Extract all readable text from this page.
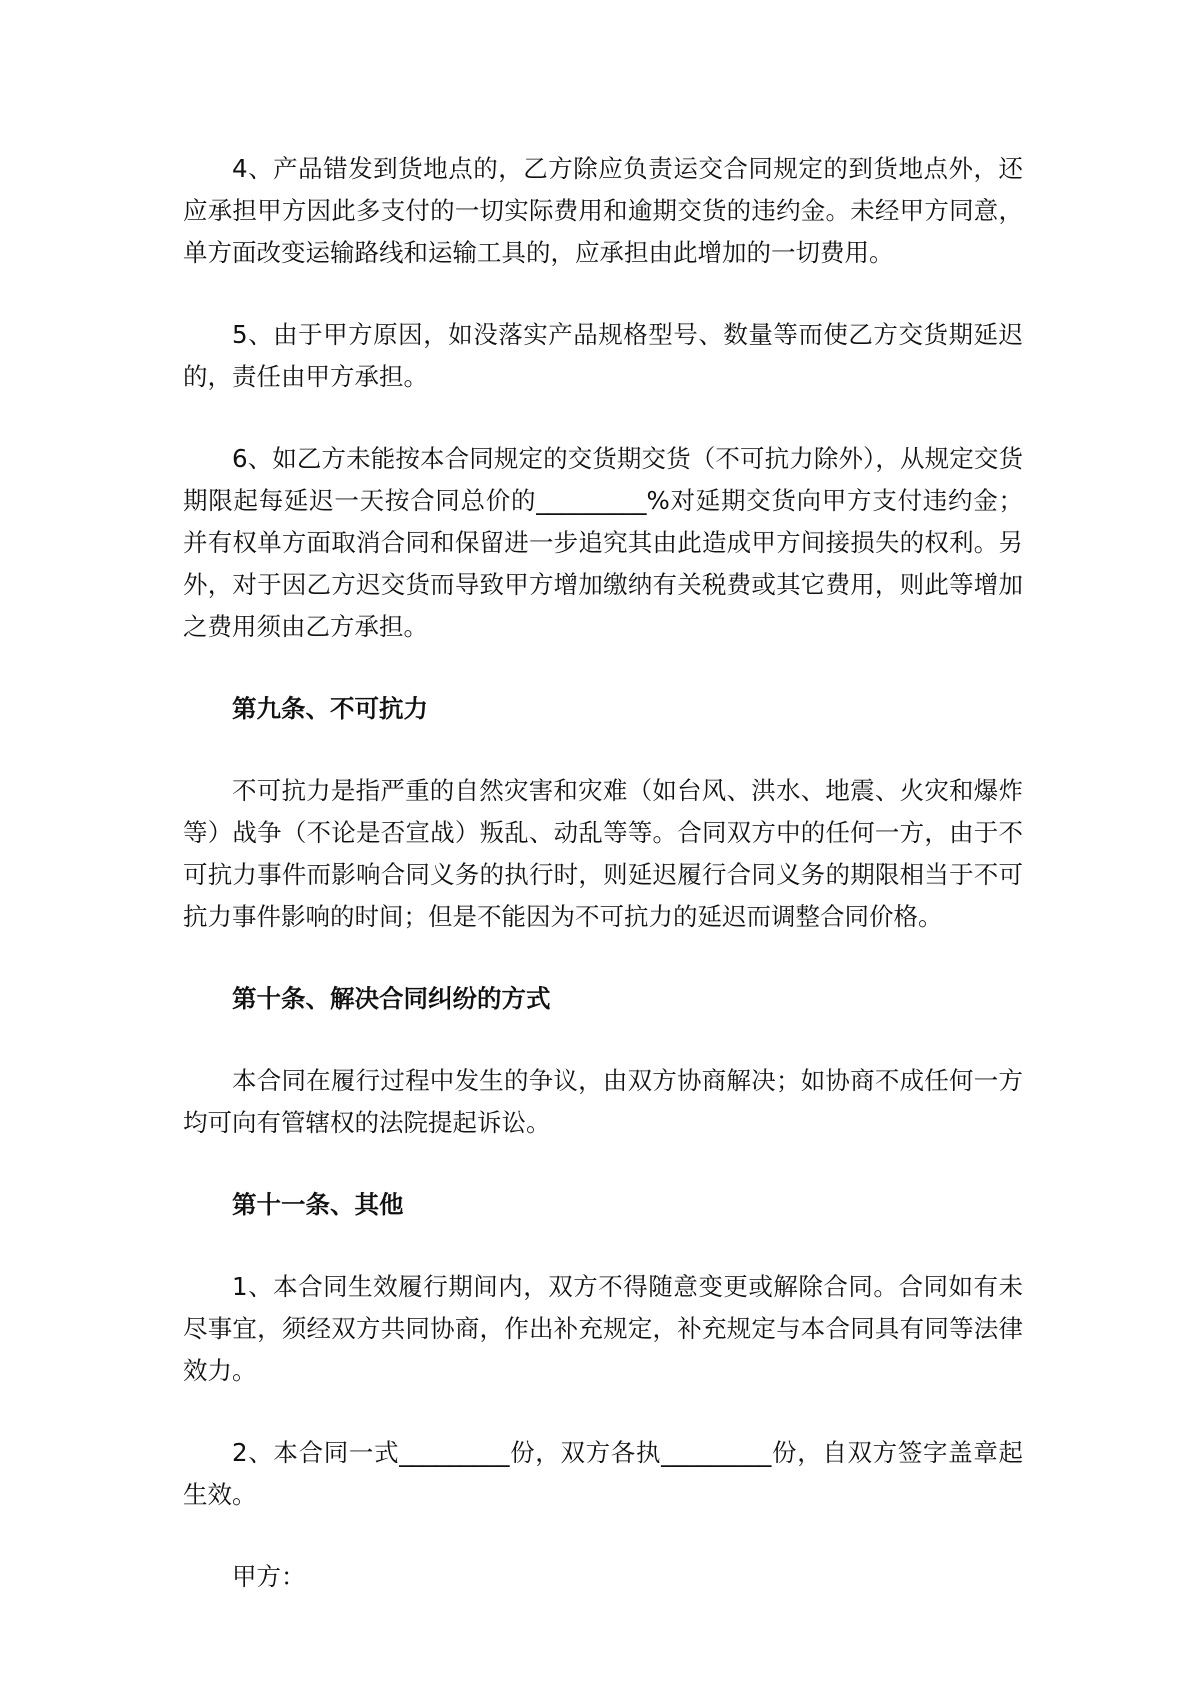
4、产品错发到货地点的，乙方除应负责运交合同规定的到货地点外，还应承担甲方因此多支付的一切实际费用和逾期交货的违约金。未经甲方同意，单方面改变运输路线和运输工具的，应承担由此增加的一切费用。

5、由于甲方原因，如没落实产品规格型号、数量等而使乙方交货期延迟的，责任由甲方承担。

6、如乙方未能按本合同规定的交货期交货（不可抗力除外），从规定交货期限起每延迟一天按合同总价的_________%对延期交货向甲方支付违约金；并有权单方面取消合同和保留进一步追究其由此造成甲方间接损失的权利。另外，对于因乙方迟交货而导致甲方增加缴纳有关税费或其它费用，则此等增加之费用须由乙方承担。

第九条、不可抗力

不可抗力是指严重的自然灾害和灾难（如台风、洪水、地震、火灾和爆炸等）战争（不论是否宣战）叛乱、动乱等等。合同双方中的任何一方，由于不可抗力事件而影响合同义务的执行时，则延迟履行合同义务的期限相当于不可抗力事件影响的时间；但是不能因为不可抗力的延迟而调整合同价格。

第十条、解决合同纠纷的方式

本合同在履行过程中发生的争议，由双方协商解决；如协商不成任何一方均可向有管辖权的法院提起诉讼。

第十一条、其他

1、本合同生效履行期间内，双方不得随意变更或解除合同。合同如有未尽事宜，须经双方共同协商，作出补充规定，补充规定与本合同具有同等法律效力。

2、本合同一式_________份，双方各执_________份，自双方签字盖章起生效。

甲方：
